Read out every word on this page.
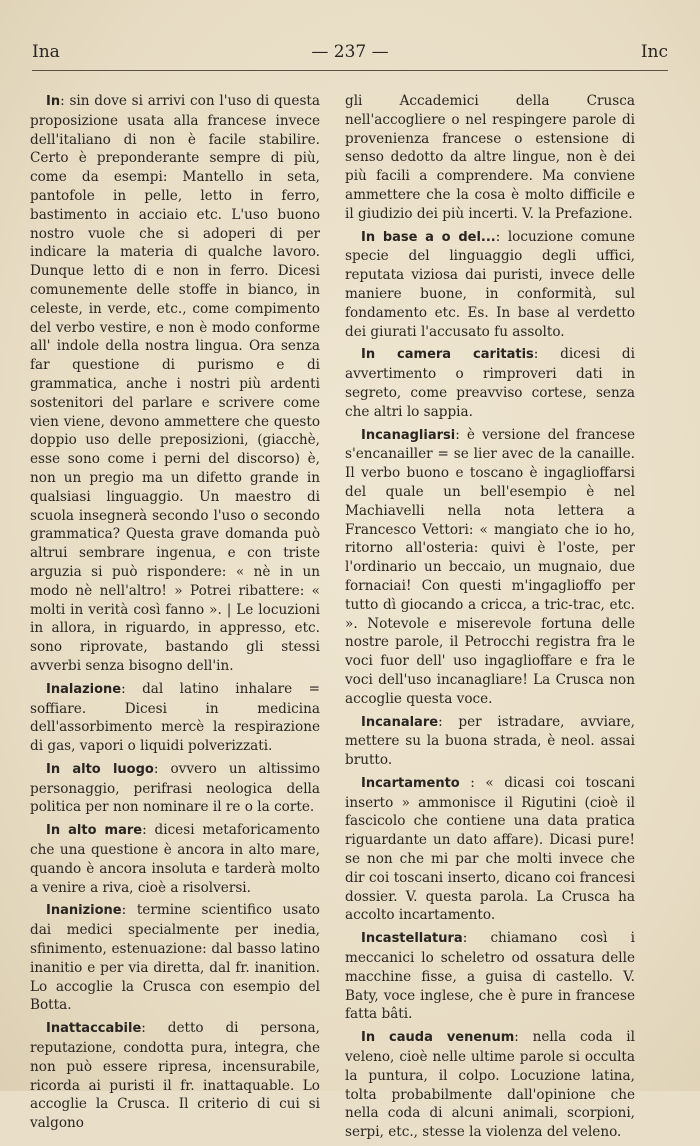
Ina	— 237 —	Inc

In: sin dove si arrivi con l'uso di questa proposizione usata alla francese invece dell'italiano di non è facile stabilire. Certo è preponderante sempre di più, come da esempi: Mantello in seta, pantofole in pelle, letto in ferro, bastimento in acciaio etc. L'uso buono nostro vuole che si adoperi di per indicare la materia di qualche lavoro. Dunque letto di e non in ferro. Dicesi comunemente delle stoffe in bianco, in celeste, in verde, etc., come compimento del verbo vestire, e non è modo conforme all' indole della nostra lingua. Ora senza far questione di purismo e di grammatica, anche i nostri più ardenti sostenitori del parlare e scrivere come vien viene, devono ammettere che questo doppio uso delle preposizioni, (giacchè, esse sono come i perni del discorso) è, non un pregio ma un difetto grande in qualsiasi linguaggio. Un maestro di scuola insegnerà secondo l'uso o secondo grammatica? Questa grave domanda può altrui sembrare ingenua, e con triste arguzia si può rispondere: « nè in un modo nè nell'altro! » Potrei ribattere: « molti in verità così fanno ». | Le locuzioni in allora, in riguardo, in appresso, etc. sono riprovate, bastando gli stessi avverbi senza bisogno dell'in.

Inalazione: dal latino inhalare = soffiare. Dicesi in medicina dell'assorbimento mercè la respirazione di gas, vapori o liquidi polverizzati.

In alto luogo: ovvero un altissimo personaggio, perifrasi neologica della politica per non nominare il re o la corte.

In alto mare: dicesi metaforicamento che una questione è ancora in alto mare, quando è ancora insoluta e tarderà molto a venire a riva, cioè a risolversi.

Inanizione: termine scientifico usato dai medici specialmente per inedia, sfinimento, estenuazione: dal basso latino inanitio e per via diretta, dal fr. inanition. Lo accoglie la Crusca con esempio del Botta.

Inattaccabile: detto di persona, reputazione, condotta pura, integra, che non può essere ripresa, incensurabile, ricorda ai puristi il fr. inattaquable. Lo accoglie la Crusca. Il criterio di cui si valgono

gli Accademici della Crusca nell'accogliere o nel respingere parole di provenienza francese o estensione di senso dedotto da altre lingue, non è dei più facili a comprendere. Ma conviene ammettere che la cosa è molto difficile e il giudizio dei più incerti. V. la Prefazione.

In base a o del...: locuzione comune specie del linguaggio degli uffici, reputata viziosa dai puristi, invece delle maniere buone, in conformità, sul fondamento etc. Es. In base al verdetto dei giurati l'accusato fu assolto.

In camera caritatis: dicesi di avvertimento o rimproveri dati in segreto, come preavviso cortese, senza che altri lo sappia.

Incanagliarsi: è versione del francese s'encanailler = se lier avec de la canaille. Il verbo buono e toscano è ingaglioffarsi del quale un bell'esempio è nel Machiavelli nella nota lettera a Francesco Vettori: « mangiato che io ho, ritorno all'osteria: quivi è l'oste, per l'ordinario un beccaio, un mugnaio, due fornaciai! Con questi m'ingaglioffo per tutto dì giocando a cricca, a tric-trac, etc. ». Notevole e miserevole fortuna delle nostre parole, il Petrocchi registra fra le voci fuor dell' uso ingaglioffare e fra le voci dell'uso incanagliare! La Crusca non accoglie questa voce.

Incanalare: per istradare, avviare, mettere su la buona strada, è neol. assai brutto.

Incartamento : « dicasi coi toscani inserto » ammonisce il Rigutini (cioè il fascicolo che contiene una data pratica riguardante un dato affare). Dicasi pure! se non che mi par che molti invece che dir coi toscani inserto, dicano coi francesi dossier. V. questa parola. La Crusca ha accolto incartamento.

Incastellatura: chiamano così i meccanici lo scheletro od ossatura delle macchine fisse, a guisa di castello. V. Baty, voce inglese, che è pure in francese fatta bâti.

In cauda venenum: nella coda il veleno, cioè nelle ultime parole si occulta la puntura, il colpo. Locuzione latina, tolta probabilmente dall'opinione che nella coda di alcuni animali, scorpioni, serpi, etc., stesse la violenza del veleno.
